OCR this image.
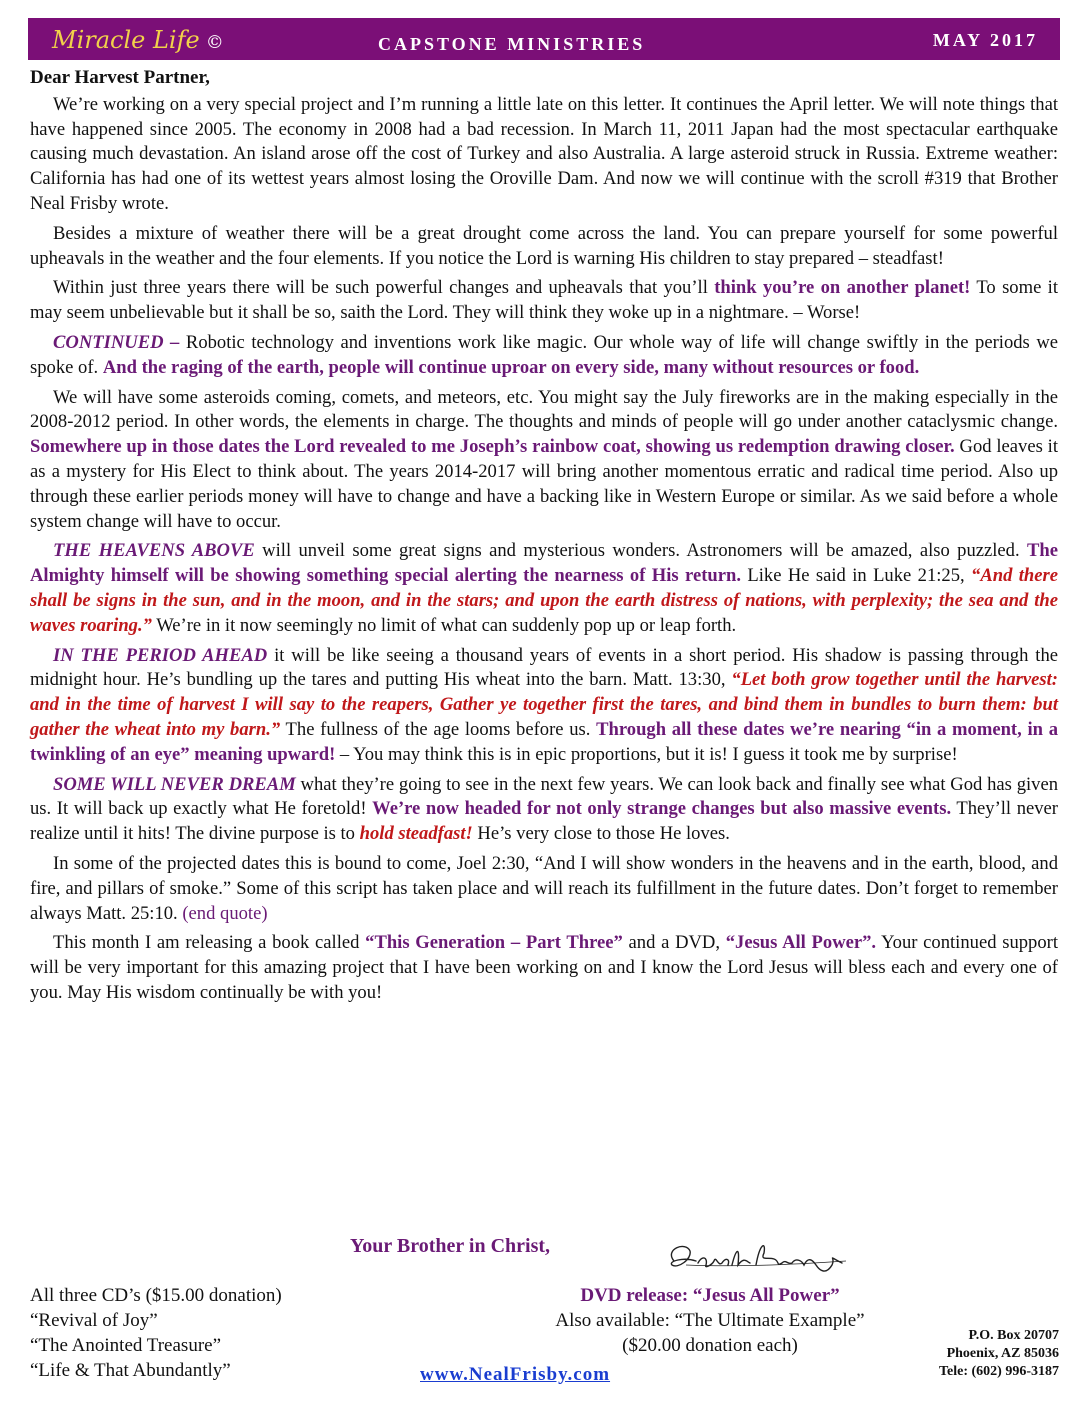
Miracle Life ©	CAPSTONE MINISTRIES	MAY 2017
Dear Harvest Partner,

We’re working on a very special project and I’m running a little late on this letter. It continues the April letter. We will note things that have happened since 2005. The economy in 2008 had a bad recession. In March 11, 2011 Japan had the most spectacular earthquake causing much devastation. An island arose off the cost of Turkey and also Australia. A large asteroid struck in Russia. Extreme weather: California has had one of its wettest years almost losing the Oroville Dam. And now we will continue with the scroll #319 that Brother Neal Frisby wrote.

Besides a mixture of weather there will be a great drought come across the land. You can prepare yourself for some powerful upheavals in the weather and the four elements. If you notice the Lord is warning His children to stay prepared – steadfast!

Within just three years there will be such powerful changes and upheavals that you’ll think you’re on another planet! To some it may seem unbelievable but it shall be so, saith the Lord. They will think they woke up in a nightmare. – Worse!

CONTINUED – Robotic technology and inventions work like magic. Our whole way of life will change swiftly in the periods we spoke of. And the raging of the earth, people will continue uproar on every side, many without resources or food.

We will have some asteroids coming, comets, and meteors, etc. You might say the July fireworks are in the making especially in the 2008-2012 period. In other words, the elements in charge. The thoughts and minds of people will go under another cataclysmic change. Somewhere up in those dates the Lord revealed to me Joseph’s rainbow coat, showing us redemption drawing closer. God leaves it as a mystery for His Elect to think about. The years 2014-2017 will bring another momentous erratic and radical time period. Also up through these earlier periods money will have to change and have a backing like in Western Europe or similar. As we said before a whole system change will have to occur.

THE HEAVENS ABOVE will unveil some great signs and mysterious wonders. Astronomers will be amazed, also puzzled. The Almighty himself will be showing something special alerting the nearness of His return. Like He said in Luke 21:25, “And there shall be signs in the sun, and in the moon, and in the stars; and upon the earth distress of nations, with perplexity; the sea and the waves roaring.” We’re in it now seemingly no limit of what can suddenly pop up or leap forth.

IN THE PERIOD AHEAD it will be like seeing a thousand years of events in a short period. His shadow is passing through the midnight hour. He’s bundling up the tares and putting His wheat into the barn. Matt. 13:30, “Let both grow together until the harvest: and in the time of harvest I will say to the reapers, Gather ye together first the tares, and bind them in bundles to burn them: but gather the wheat into my barn.” The fullness of the age looms before us. Through all these dates we’re nearing “in a moment, in a twinkling of an eye” meaning upward! – You may think this is in epic proportions, but it is! I guess it took me by surprise!

SOME WILL NEVER DREAM what they’re going to see in the next few years. We can look back and finally see what God has given us. It will back up exactly what He foretold! We’re now headed for not only strange changes but also massive events. They’ll never realize until it hits! The divine purpose is to hold steadfast! He’s very close to those He loves.

In some of the projected dates this is bound to come, Joel 2:30, “And I will show wonders in the heavens and in the earth, blood, and fire, and pillars of smoke.” Some of this script has taken place and will reach its fulfillment in the future dates. Don’t forget to remember always Matt. 25:10. (end quote)

This month I am releasing a book called “This Generation – Part Three” and a DVD, “Jesus All Power”. Your continued support will be very important for this amazing project that I have been working on and I know the Lord Jesus will bless each and every one of you. May His wisdom continually be with you!

Your Brother in Christ,
All three CD’s ($15.00 donation)
“Revival of Joy”
“The Anointed Treasure”
“Life & That Abundantly”
DVD release: “Jesus All Power”
Also available: “The Ultimate Example”
($20.00 donation each)
www.NealFrisby.com
P.O. Box 20707
Phoenix, AZ 85036
Tele: (602) 996-3187
